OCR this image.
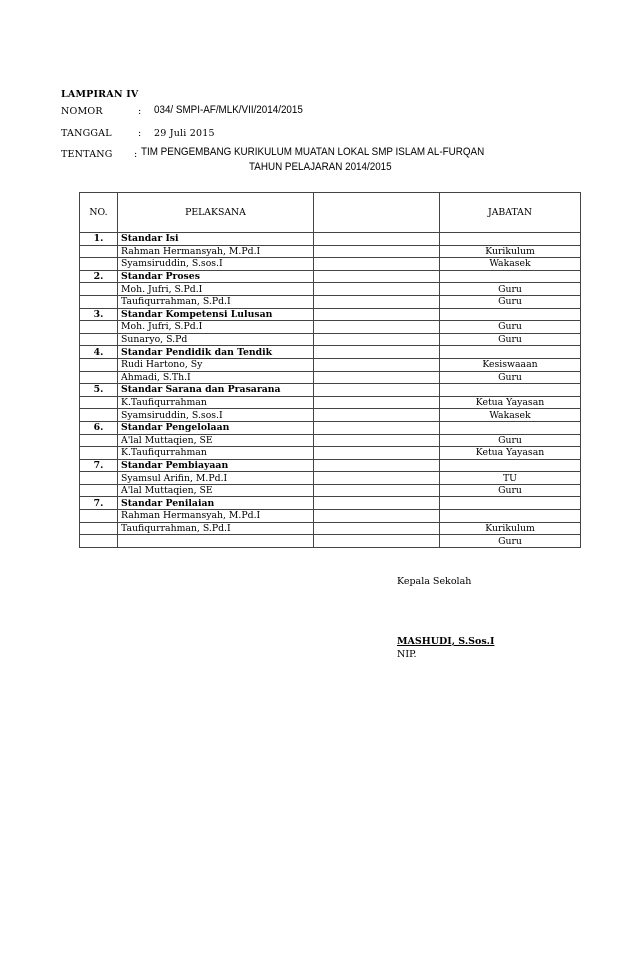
LAMPIRAN IV
NOMOR	: 034/ SMPI-AF/MLK/VII/2014/2015
TANGGAL	: 29 Juli 2015
TENTANG : TIM PENGEMBANG KURIKULUM MUATAN LOKAL SMP ISLAM AL-FURQAN
TAHUN PELAJARAN 2014/2015
NO.	PELAKSANA		JABATAN
1.	Standar Isi		
	Rahman Hermansyah, M.Pd.I		Kurikulum
	Syamsiruddin, S.sos.I		Wakasek
2.	Standar Proses		
	Moh. Jufri, S.Pd.I		Guru
	Taufiqurrahman, S.Pd.I		Guru
3.	Standar Kompetensi Lulusan		
	Moh. Jufri, S.Pd.I		Guru
	Sunaryo, S.Pd		Guru
4.	Standar Pendidik dan Tendik		
	Rudi Hartono, Sy		Kesiswaaan
	Ahmadi, S.Th.I		Guru
5.	Standar Sarana dan Prasarana		
	K.Taufiqurrahman		Ketua Yayasan
	Syamsiruddin, S.sos.I		Wakasek
6.	Standar Pengelolaan		
	A'lal Muttaqien, SE		Guru
	K.Taufiqurrahman		Ketua Yayasan
7.	Standar Pembiayaan		
	Syamsul Arifin, M.Pd.I		TU
	A'lal Muttaqien, SE		Guru
7.	Standar Penilaian		
	Rahman Hermansyah, M.Pd.I		
	Taufiqurrahman, S.Pd.I		Kurikulum
			Guru
Kepala Sekolah
MASHUDI, S.Sos.I
NIP.
